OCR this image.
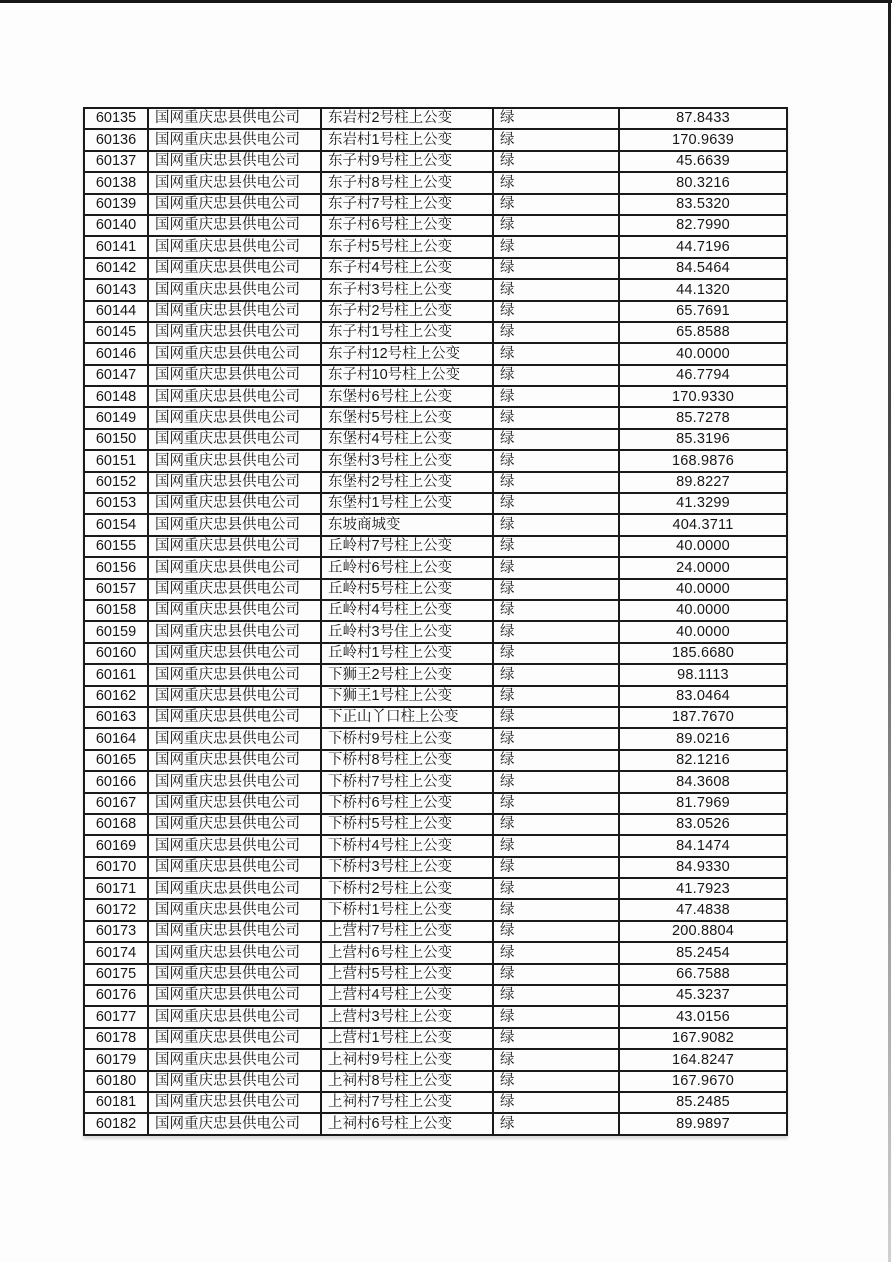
60135	国网重庆忠县供电公司	东岩村2号柱上公变	绿	87.8433
60136	国网重庆忠县供电公司	东岩村1号柱上公变	绿	170.9639
60137	国网重庆忠县供电公司	东子村9号柱上公变	绿	45.6639
60138	国网重庆忠县供电公司	东子村8号柱上公变	绿	80.3216
60139	国网重庆忠县供电公司	东子村7号柱上公变	绿	83.5320
60140	国网重庆忠县供电公司	东子村6号柱上公变	绿	82.7990
60141	国网重庆忠县供电公司	东子村5号柱上公变	绿	44.7196
60142	国网重庆忠县供电公司	东子村4号柱上公变	绿	84.5464
60143	国网重庆忠县供电公司	东子村3号柱上公变	绿	44.1320
60144	国网重庆忠县供电公司	东子村2号柱上公变	绿	65.7691
60145	国网重庆忠县供电公司	东子村1号柱上公变	绿	65.8588
60146	国网重庆忠县供电公司	东子村12号柱上公变	绿	40.0000
60147	国网重庆忠县供电公司	东子村10号柱上公变	绿	46.7794
60148	国网重庆忠县供电公司	东堡村6号柱上公变	绿	170.9330
60149	国网重庆忠县供电公司	东堡村5号柱上公变	绿	85.7278
60150	国网重庆忠县供电公司	东堡村4号柱上公变	绿	85.3196
60151	国网重庆忠县供电公司	东堡村3号柱上公变	绿	168.9876
60152	国网重庆忠县供电公司	东堡村2号柱上公变	绿	89.8227
60153	国网重庆忠县供电公司	东堡村1号柱上公变	绿	41.3299
60154	国网重庆忠县供电公司	东坡商城变	绿	404.3711
60155	国网重庆忠县供电公司	丘岭村7号柱上公变	绿	40.0000
60156	国网重庆忠县供电公司	丘岭村6号柱上公变	绿	24.0000
60157	国网重庆忠县供电公司	丘岭村5号柱上公变	绿	40.0000
60158	国网重庆忠县供电公司	丘岭村4号柱上公变	绿	40.0000
60159	国网重庆忠县供电公司	丘岭村3号住上公变	绿	40.0000
60160	国网重庆忠县供电公司	丘岭村1号柱上公变	绿	185.6680
60161	国网重庆忠县供电公司	下狮王2号柱上公变	绿	98.1113
60162	国网重庆忠县供电公司	下狮王1号柱上公变	绿	83.0464
60163	国网重庆忠县供电公司	下正山丫口柱上公变	绿	187.7670
60164	国网重庆忠县供电公司	下桥村9号柱上公变	绿	89.0216
60165	国网重庆忠县供电公司	下桥村8号柱上公变	绿	82.1216
60166	国网重庆忠县供电公司	下桥村7号柱上公变	绿	84.3608
60167	国网重庆忠县供电公司	下桥村6号柱上公变	绿	81.7969
60168	国网重庆忠县供电公司	下桥村5号柱上公变	绿	83.0526
60169	国网重庆忠县供电公司	下桥村4号柱上公变	绿	84.1474
60170	国网重庆忠县供电公司	下桥村3号柱上公变	绿	84.9330
60171	国网重庆忠县供电公司	下桥村2号柱上公变	绿	41.7923
60172	国网重庆忠县供电公司	下桥村1号柱上公变	绿	47.4838
60173	国网重庆忠县供电公司	上营村7号柱上公变	绿	200.8804
60174	国网重庆忠县供电公司	上营村6号柱上公变	绿	85.2454
60175	国网重庆忠县供电公司	上营村5号柱上公变	绿	66.7588
60176	国网重庆忠县供电公司	上营村4号柱上公变	绿	45.3237
60177	国网重庆忠县供电公司	上营村3号柱上公变	绿	43.0156
60178	国网重庆忠县供电公司	上营村1号柱上公变	绿	167.9082
60179	国网重庆忠县供电公司	上祠村9号柱上公变	绿	164.8247
60180	国网重庆忠县供电公司	上祠村8号柱上公变	绿	167.9670
60181	国网重庆忠县供电公司	上祠村7号柱上公变	绿	85.2485
60182	国网重庆忠县供电公司	上祠村6号柱上公变	绿	89.9897
